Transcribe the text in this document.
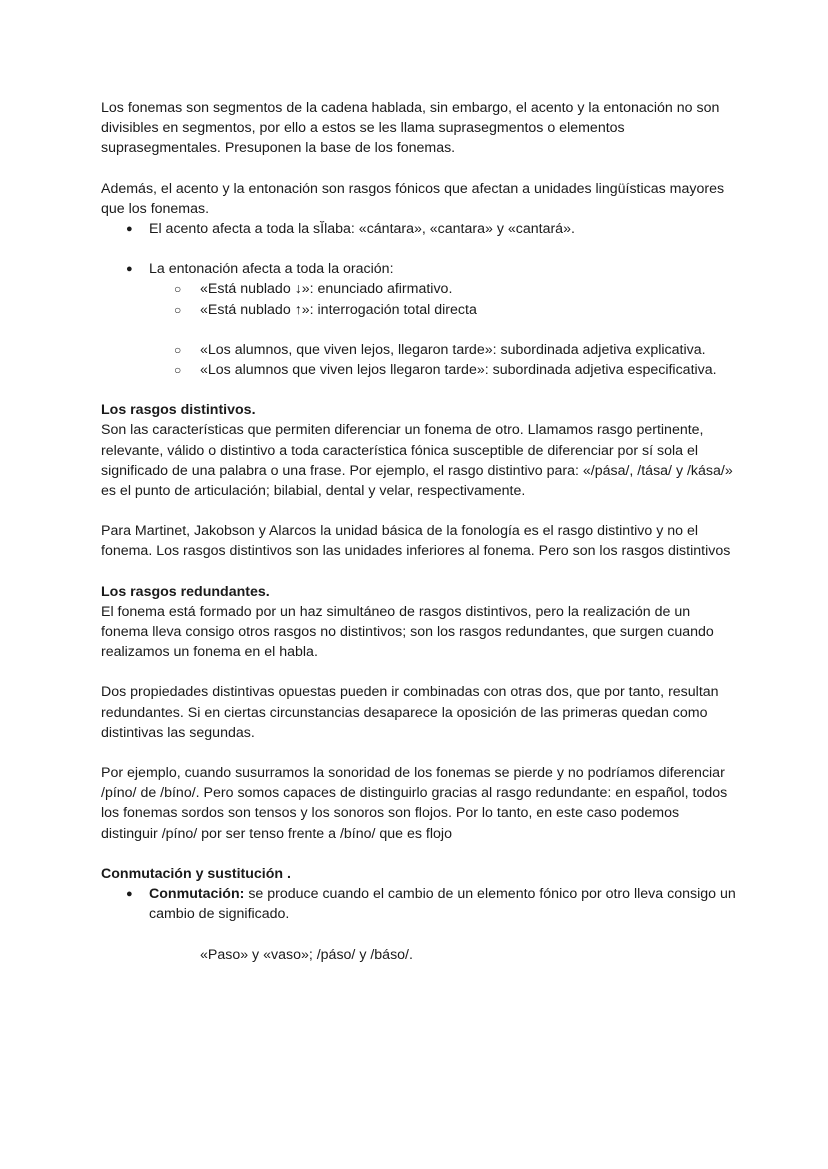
Los fonemas son segmentos de la cadena hablada, sin embargo, el acento y la entonación no son divisibles en segmentos, por ello a estos se les llama suprasegmentos o elementos suprasegmentales. Presuponen la base de los fonemas.

Además, el acento y la entonación son rasgos fónicos que afectan a unidades lingüísticas mayores que los fonemas.

● El acento afecta a toda la sĬlaba: «cántara», «cantara» y «cantará».
● La entonación afecta a toda la oración:
○ «Está nublado ↓»: enunciado afirmativo.
○ «Está nublado ↑»: interrogación total directa
○ «Los alumnos, que viven lejos, llegaron tarde»: subordinada adjetiva explicativa.
○ «Los alumnos que viven lejos llegaron tarde»: subordinada adjetiva especificativa.

Los rasgos distintivos.

Son las características que permiten diferenciar un fonema de otro. Llamamos rasgo pertinente, relevante, válido o distintivo a toda característica fónica susceptible de diferenciar por sí sola el significado de una palabra o una frase. Por ejemplo, el rasgo distintivo para: «/pása/, /tása/ y /kása/» es el punto de articulación; bilabial, dental y velar, respectivamente.

Para Martinet, Jakobson y Alarcos la unidad básica de la fonología es el rasgo distintivo y no el fonema. Los rasgos distintivos son las unidades inferiores al fonema. Pero son los rasgos distintivos

Los rasgos redundantes.

El fonema está formado por un haz simultáneo de rasgos distintivos, pero la realización de un fonema lleva consigo otros rasgos no distintivos; son los rasgos redundantes, que surgen cuando realizamos un fonema en el habla.

Dos propiedades distintivas opuestas pueden ir combinadas con otras dos, que por tanto, resultan redundantes. Si en ciertas circunstancias desaparece la oposición de las primeras quedan como distintivas las segundas.

Por ejemplo, cuando susurramos la sonoridad de los fonemas se pierde y no podríamos diferenciar /píno/ de /bíno/. Pero somos capaces de distinguirlo gracias al rasgo redundante: en español, todos los fonemas sordos son tensos y los sonoros son flojos. Por lo tanto, en este caso podemos distinguir /píno/ por ser tenso frente a /bíno/ que es flojo

Conmutación y sustitución .

● Conmutación: se produce cuando el cambio de un elemento fónico por otro lleva consigo un cambio de significado.

«Paso» y «vaso»; /páso/ y /báso/.
